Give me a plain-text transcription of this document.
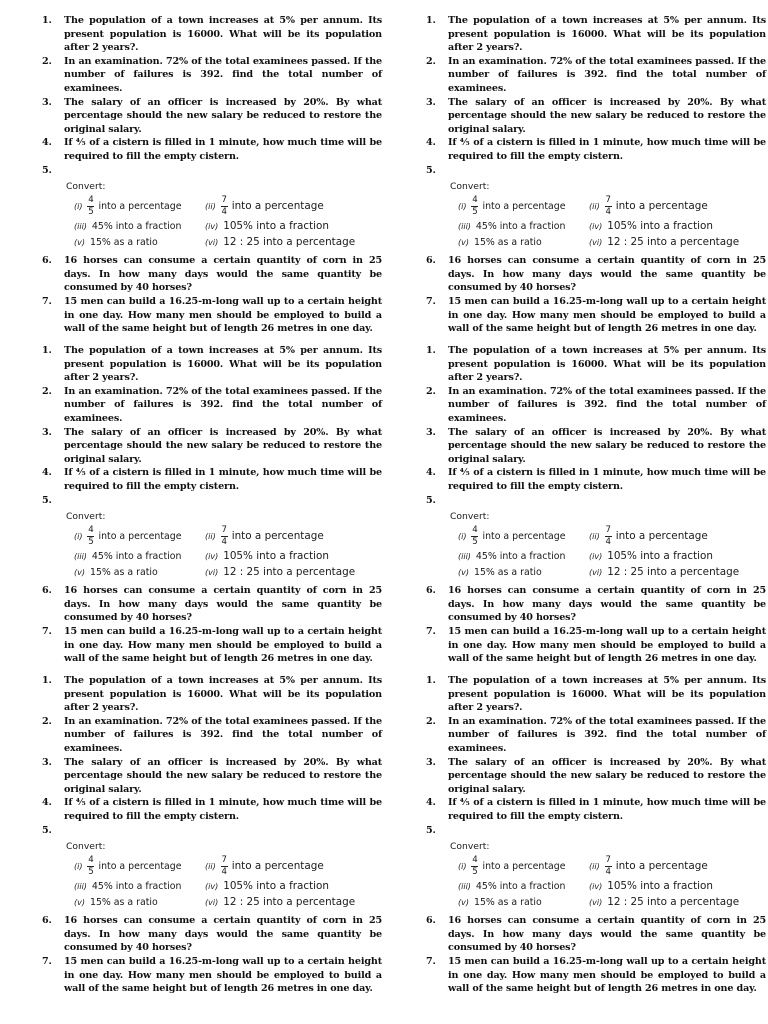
1. The population of a town increases at 5% per annum. Its present population is 16000. What will be its population after 2 years?.
2. In an examination. 72% of the total examinees passed. If the number of failures is 392. find the total number of examinees.
3. The salary of an officer is increased by 20%. By what percentage should the new salary be reduced to restore the original salary.
4. If ⅘ of a cistern is filled in 1 minute, how much time will be required to fill the empty cistern.
5.

Convert:
$(i) \frac{4}{5}$ into a percentage	$(ii) \frac{7}{4}$ into a percentage
(iii) 45% into a fraction	(iv) 105% into a fraction
(v) 15% as a ratio	(vi) 12 : 25 into a percentage
6. 16 horses can consume a certain quantity of corn in 25 days. In how many days would the same quantity be consumed by 40 horses?
7. 15 men can build a 16.25-m-long wall up to a certain height in one day. How many men should be employed to build a wall of the same height but of length 26 metres in one day.
1. The population of a town increases at 5% per annum. Its present population is 16000. What will be its population after 2 years?.
2. In an examination. 72% of the total examinees passed. If the number of failures is 392. find the total number of examinees.
3. The salary of an officer is increased by 20%. By what percentage should the new salary be reduced to restore the original salary.
4. If ⅘ of a cistern is filled in 1 minute, how much time will be required to fill the empty cistern.
5.

Convert:
$(i) \frac{4}{5}$ into a percentage	$(ii) \frac{7}{4}$ into a percentage
(iii) 45% into a fraction	(iv) 105% into a fraction
(v) 15% as a ratio	(vi) 12 : 25 into a percentage
6. 16 horses can consume a certain quantity of corn in 25 days. In how many days would the same quantity be consumed by 40 horses?
7. 15 men can build a 16.25-m-long wall up to a certain height in one day. How many men should be employed to build a wall of the same height but of length 26 metres in one day.
1. The population of a town increases at 5% per annum. Its present population is 16000. What will be its population after 2 years?.
2. In an examination. 72% of the total examinees passed. If the number of failures is 392. find the total number of examinees.
3. The salary of an officer is increased by 20%. By what percentage should the new salary be reduced to restore the original salary.
4. If ⅘ of a cistern is filled in 1 minute, how much time will be required to fill the empty cistern.
5.

Convert:
$(i) \frac{4}{5}$ into a percentage	$(ii) \frac{7}{4}$ into a percentage
(iii) 45% into a fraction	(iv) 105% into a fraction
(v) 15% as a ratio	(vi) 12 : 25 into a percentage
6. 16 horses can consume a certain quantity of corn in 25 days. In how many days would the same quantity be consumed by 40 horses?
7. 15 men can build a 16.25-m-long wall up to a certain height in one day. How many men should be employed to build a wall of the same height but of length 26 metres in one day.
1. The population of a town increases at 5% per annum. Its present population is 16000. What will be its population after 2 years?.
2. In an examination. 72% of the total examinees passed. If the number of failures is 392. find the total number of examinees.
3. The salary of an officer is increased by 20%. By what percentage should the new salary be reduced to restore the original salary.
4. If ⅘ of a cistern is filled in 1 minute, how much time will be required to fill the empty cistern.
5.

Convert:
$(i) \frac{4}{5}$ into a percentage	$(ii) \frac{7}{4}$ into a percentage
(iii) 45% into a fraction	(iv) 105% into a fraction
(v) 15% as a ratio	(vi) 12 : 25 into a percentage
6. 16 horses can consume a certain quantity of corn in 25 days. In how many days would the same quantity be consumed by 40 horses?
7. 15 men can build a 16.25-m-long wall up to a certain height in one day. How many men should be employed to build a wall of the same height but of length 26 metres in one day.
1. The population of a town increases at 5% per annum. Its present population is 16000. What will be its population after 2 years?.
2. In an examination. 72% of the total examinees passed. If the number of failures is 392. find the total number of examinees.
3. The salary of an officer is increased by 20%. By what percentage should the new salary be reduced to restore the original salary.
4. If ⅘ of a cistern is filled in 1 minute, how much time will be required to fill the empty cistern.
5.

Convert:
$(i) \frac{4}{5}$ into a percentage	$(ii) \frac{7}{4}$ into a percentage
(iii) 45% into a fraction	(iv) 105% into a fraction
(v) 15% as a ratio	(vi) 12 : 25 into a percentage
6. 16 horses can consume a certain quantity of corn in 25 days. In how many days would the same quantity be consumed by 40 horses?
7. 15 men can build a 16.25-m-long wall up to a certain height in one day. How many men should be employed to build a wall of the same height but of length 26 metres in one day.
1. The population of a town increases at 5% per annum. Its present population is 16000. What will be its population after 2 years?.
2. In an examination. 72% of the total examinees passed. If the number of failures is 392. find the total number of examinees.
3. The salary of an officer is increased by 20%. By what percentage should the new salary be reduced to restore the original salary.
4. If ⅘ of a cistern is filled in 1 minute, how much time will be required to fill the empty cistern.
5.

Convert:
$(i) \frac{4}{5}$ into a percentage	$(ii) \frac{7}{4}$ into a percentage
(iii) 45% into a fraction	(iv) 105% into a fraction
(v) 15% as a ratio	(vi) 12 : 25 into a percentage
6. 16 horses can consume a certain quantity of corn in 25 days. In how many days would the same quantity be consumed by 40 horses?
7. 15 men can build a 16.25-m-long wall up to a certain height in one day. How many men should be employed to build a wall of the same height but of length 26 metres in one day.
